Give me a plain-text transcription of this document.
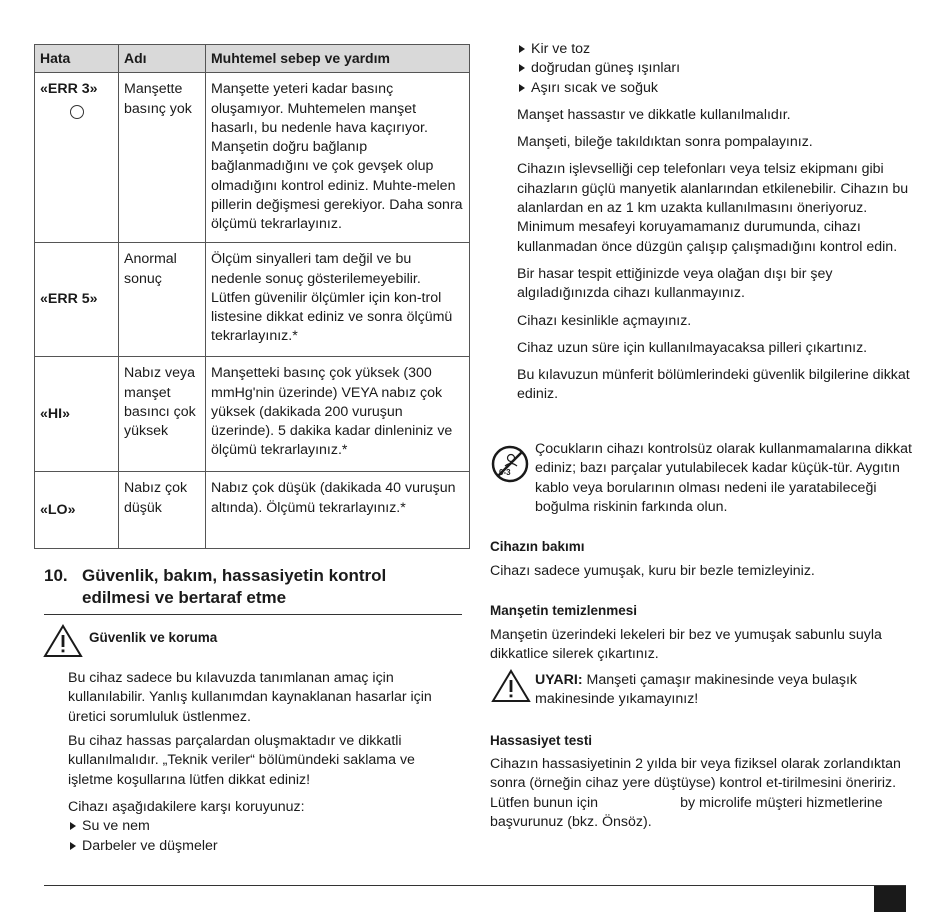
Hata	Adı	Muhtemel sebep ve yardım
«ERR 3»	Manşette basınç yok	Manşette yeteri kadar basınç oluşamıyor. Muhtemelen manşet hasarlı, bu nedenle hava kaçırıyor. Manşetin doğru bağlanıp bağlanmadığını ve çok gevşek olup olmadığını kontrol ediniz. Muhte-melen pillerin değişmesi gerekiyor. Daha sonra ölçümü tekrarlayınız.
«ERR 5»	Anormal sonuç	Ölçüm sinyalleri tam değil ve bu nedenle sonuç gösterilemeyebilir. Lütfen güvenilir ölçümler için kon-trol listesine dikkat ediniz ve sonra ölçümü tekrarlayınız.*
«HI»	Nabız veya manşet basıncı çok yüksek	Manşetteki basınç çok yüksek (300 mmHg'nin üzerinde) VEYA nabız çok yüksek (dakikada 200 vuruşun üzerinde). 5 dakika kadar dinleniniz ve ölçümü tekrarlayınız.*
«LO»	Nabız çok düşük	Nabız çok düşük (dakikada 40 vuruşun altında). Ölçümü tekrarlayınız.*
10. Güvenlik, bakım, hassasiyetin kontrol
edilmesi ve bertaraf etme
Güvenlik ve koruma

Bu cihaz sadece bu kılavuzda tanımlanan amaç için kullanılabilir. Yanlış kullanımdan kaynaklanan hasarlar için üretici sorumluluk üstlenmez.

Bu cihaz hassas parçalardan oluşmaktadır ve dikkatli kullanılmalıdır. „Teknik veriler“ bölümündeki saklama ve işletme koşullarına lütfen dikkat ediniz!

Cihazı aşağıdakilere karşı koruyunuz:

Su ve nem
Darbeler ve düşmeler
Kir ve toz
doğrudan güneş ışınları
Aşırı sıcak ve soğuk

Manşet hassastır ve dikkatle kullanılmalıdır.

Manşeti, bileğe takıldıktan sonra pompalayınız.

Cihazın işlevselliği cep telefonları veya telsiz ekipmanı gibi cihazların güçlü manyetik alanlarından etkilenebilir. Cihazın bu alanlardan en az 1 km uzakta kullanılmasını öneriyoruz. Minimum mesafeyi koruyamamanız durumunda, cihazı kullanmadan önce düzgün çalışıp çalışmadığını kontrol edin.

Bir hasar tespit ettiğinizde veya olağan dışı bir şey algıladığınızda cihazı kullanmayınız.

Cihazı kesinlikle açmayınız.

Cihaz uzun süre için kullanılmayacaksa pilleri çıkartınız.

Bu kılavuzun münferit bölümlerindeki güvenlik bilgilerine dikkat ediniz.

0-3

Çocukların cihazı kontrolsüz olarak kullanmamalarına dikkat ediniz; bazı parçalar yutulabilecek kadar küçük-tür. Aygıtın kablo veya borularının olması nedeni ile yaratabileceği boğulma riskinin farkında olun.

Cihazın bakımı

Cihazı sadece yumuşak, kuru bir bezle temizleyiniz.

Manşetin temizlenmesi

Manşetin üzerindeki lekeleri bir bez ve yumuşak sabunlu suyla dikkatlice silerek çıkartınız.

UYARI: Manşeti çamaşır makinesinde veya bulaşık makinesinde yıkamayınız!

Hassasiyet testi

Cihazın hassasiyetinin 2 yılda bir veya fiziksel olarak zorlandıktan sonra (örneğin cihaz yere düştüyse) kontrol et-tirilmesini öneririz. Lütfen bunun için	by microlife müşteri hizmetlerine başvurunuz (bkz. Önsöz).
